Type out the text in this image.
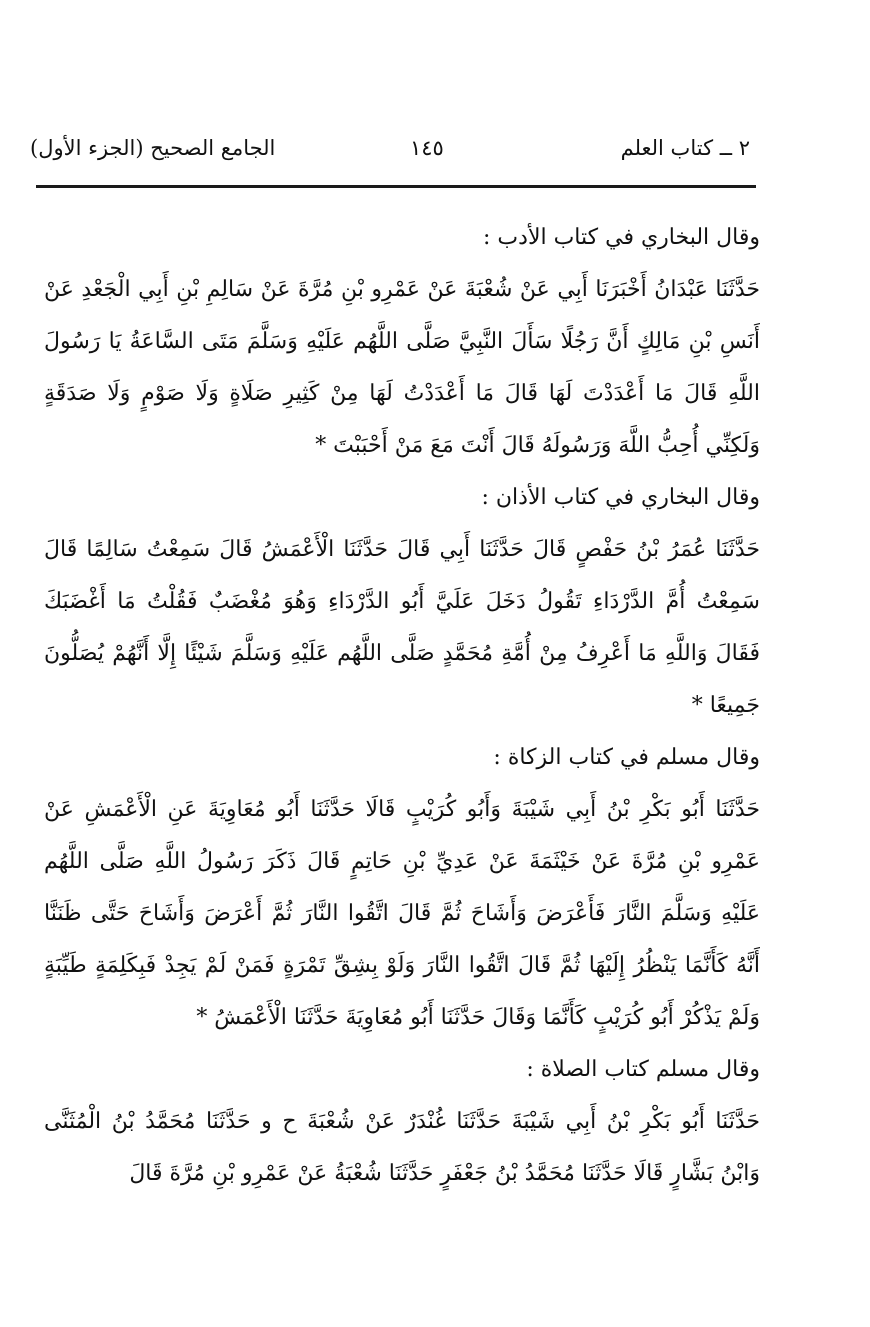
٢ ــ كتاب العلم
١٤٥
الجامع الصحيح (الجزء الأول)
وقال البخاري في كتاب الأدب :
حَدَّثَنَا عَبْدَانُ أَخْبَرَنَا أَبِي عَنْ شُعْبَةَ عَنْ عَمْرِو بْنِ مُرَّةَ عَنْ سَالِمِ بْنِ أَبِي الْجَعْدِ عَنْ
أَنَسِ بْنِ مَالِكٍ أَنَّ رَجُلًا سَأَلَ النَّبِيَّ صَلَّى اللَّهُم عَلَيْهِ وَسَلَّمَ مَتَى السَّاعَةُ يَا رَسُولَ
اللَّهِ قَالَ مَا أَعْدَدْتَ لَهَا قَالَ مَا أَعْدَدْتُ لَهَا مِنْ كَثِيرِ صَلَاةٍ وَلَا صَوْمٍ وَلَا صَدَقَةٍ
وَلَكِنِّي أُحِبُّ اللَّهَ وَرَسُولَهُ قَالَ أَنْتَ مَعَ مَنْ أَحْبَبْتَ *
وقال البخاري في كتاب الأذان :
حَدَّثَنَا عُمَرُ بْنُ حَفْصٍ قَالَ حَدَّثَنَا أَبِي قَالَ حَدَّثَنَا الْأَعْمَشُ قَالَ سَمِعْتُ سَالِمًا قَالَ
سَمِعْتُ أُمَّ الدَّرْدَاءِ تَقُولُ دَخَلَ عَلَيَّ أَبُو الدَّرْدَاءِ وَهُوَ مُغْضَبٌ فَقُلْتُ مَا أَغْضَبَكَ
فَقَالَ وَاللَّهِ مَا أَعْرِفُ مِنْ أُمَّةِ مُحَمَّدٍ صَلَّى اللَّهُم عَلَيْهِ وَسَلَّمَ شَيْئًا إِلَّا أَنَّهُمْ يُصَلُّونَ
جَمِيعًا *
وقال مسلم في كتاب الزكاة :
حَدَّثَنَا أَبُو بَكْرِ بْنُ أَبِي شَيْبَةَ وَأَبُو كُرَيْبٍ قَالَا حَدَّثَنَا أَبُو مُعَاوِيَةَ عَنِ الْأَعْمَشِ عَنْ
عَمْرِو بْنِ مُرَّةَ عَنْ خَيْثَمَةَ عَنْ عَدِيِّ بْنِ حَاتِمٍ قَالَ ذَكَرَ رَسُولُ اللَّهِ صَلَّى اللَّهُم
عَلَيْهِ وَسَلَّمَ النَّارَ فَأَعْرَضَ وَأَشَاحَ ثُمَّ قَالَ اتَّقُوا النَّارَ ثُمَّ أَعْرَضَ وَأَشَاحَ حَتَّى ظَنَنَّا
أَنَّهُ كَأَنَّمَا يَنْظُرُ إِلَيْهَا ثُمَّ قَالَ اتَّقُوا النَّارَ وَلَوْ بِشِقِّ تَمْرَةٍ فَمَنْ لَمْ يَجِدْ فَبِكَلِمَةٍ طَيِّبَةٍ
وَلَمْ يَذْكُرْ أَبُو كُرَيْبٍ كَأَنَّمَا وَقَالَ حَدَّثَنَا أَبُو مُعَاوِيَةَ حَدَّثَنَا الْأَعْمَشُ *
وقال مسلم كتاب الصلاة :
حَدَّثَنَا أَبُو بَكْرِ بْنُ أَبِي شَيْبَةَ حَدَّثَنَا غُنْدَرٌ عَنْ شُعْبَةَ ح و حَدَّثَنَا مُحَمَّدُ بْنُ الْمُثَنَّى
وَابْنُ بَشَّارٍ قَالَا حَدَّثَنَا مُحَمَّدُ بْنُ جَعْفَرٍ حَدَّثَنَا شُعْبَةُ عَنْ عَمْرِو بْنِ مُرَّةَ قَالَ
